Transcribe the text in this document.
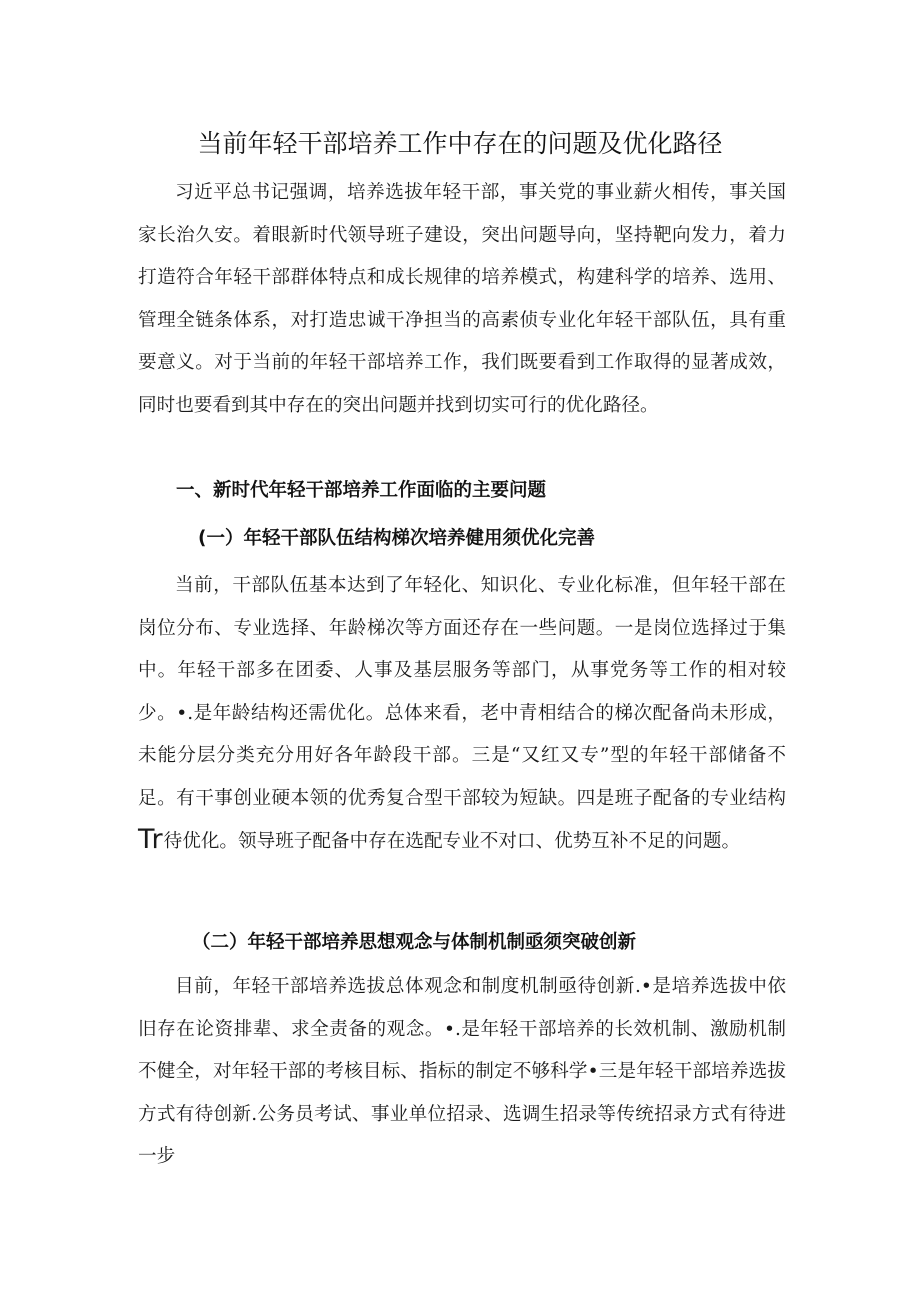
当前年轻干部培养工作中存在的问题及优化路径

习近平总书记强调，培养选拔年轻干部，事关党的事业薪火相传，事关国家长治久安。着眼新时代领导班子建设，突出问题导向，坚持靶向发力，着力打造符合年轻干部群体特点和成长规律的培养模式，构建科学的培养、选用、管理全链条体系，对打造忠诚干净担当的高素侦专业化年轻干部队伍，具有重要意义。对于当前的年轻干部培养工作，我们既要看到工作取得的显著成效，同时也要看到其中存在的突出问题并找到切实可行的优化路径。

一、新时代年轻干部培养工作面临的主要问题
(一）年轻干部队伍结构梯次培养健用须优化完善

当前，干部队伍基本达到了年轻化、知识化、专业化标准，但年轻干部在岗位分布、专业选择、年龄梯次等方面还存在一些问题。一是岗位选择过于集中。年轻干部多在团委、人事及基层服务等部门，从事党务等工作的相对较少。•.是年龄结构还需优化。总体来看，老中青相结合的梯次配备尚未形成，未能分层分类充分用好各年龄段干部。三是“又红又专”型的年轻干部储备不足。有干事创业硬本领的优秀复合型干部较为短缺。四是班子配备的专业结构Tr待优化。领导班子配备中存在选配专业不对口、优势互补不足的问题。

（二）年轻干部培养思想观念与体制机制亟须突破创新

目前，年轻干部培养选拔总体观念和制度机制亟待创新.•是培养选拔中依旧存在论资排辈、求全责备的观念。•.是年轻干部培养的长效机制、激励机制不健全，对年轻干部的考核目标、指标的制定不够科学•三是年轻干部培养选拔方式有待创新.公务员考试、事业单位招录、选调生招录等传统招录方式有待进一步
